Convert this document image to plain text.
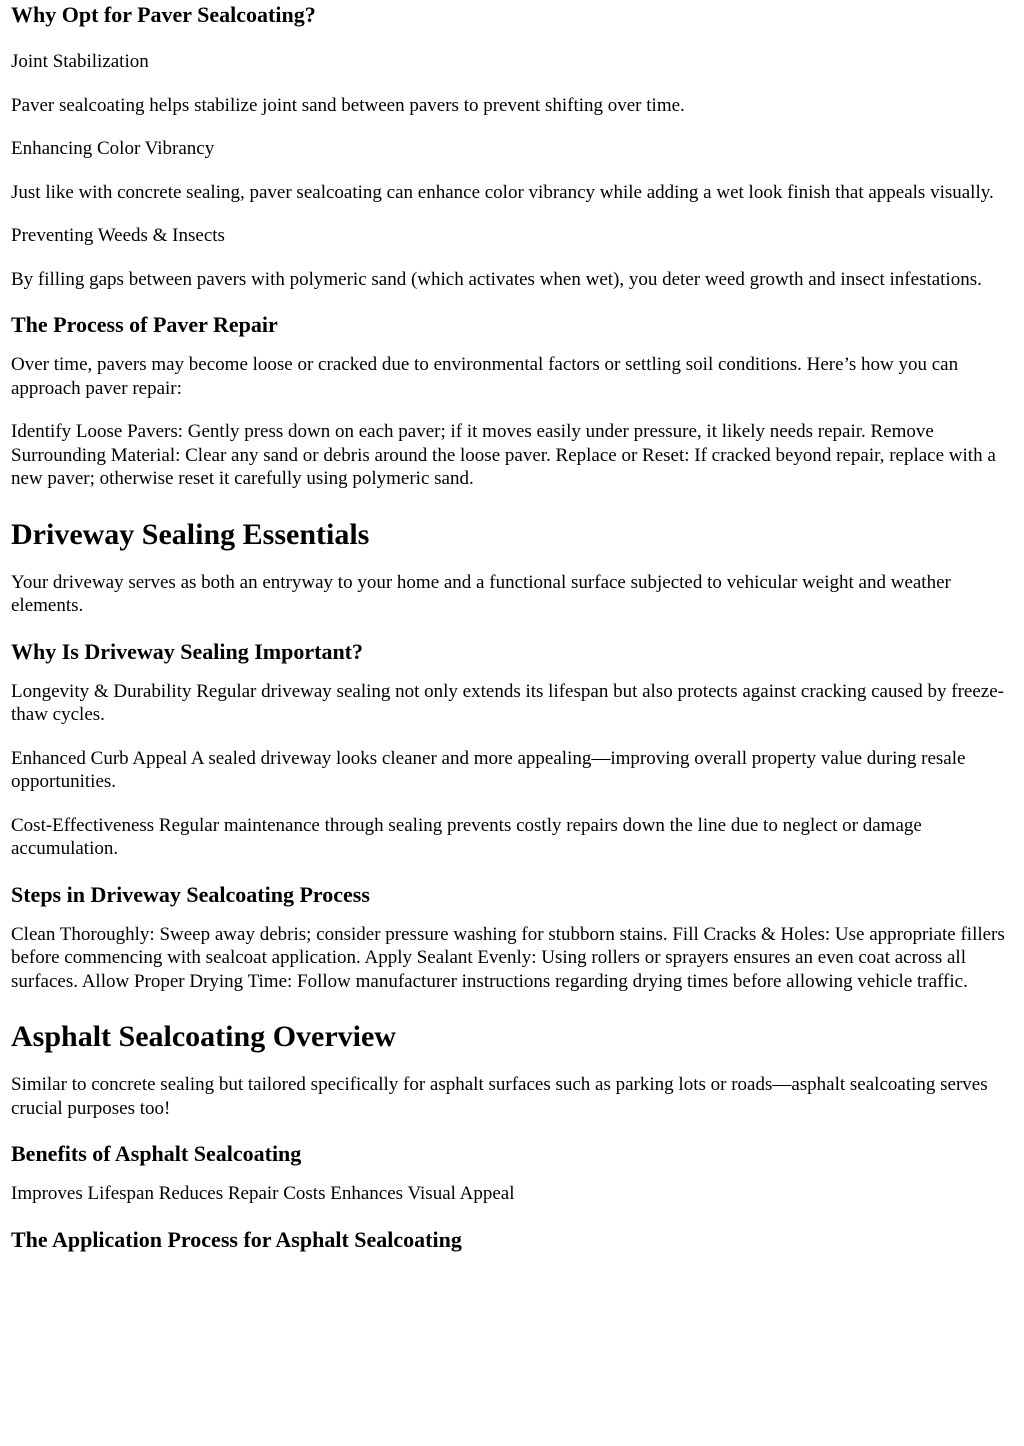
Why Opt for Paver Sealcoating?

Joint Stabilization

Paver sealcoating helps stabilize joint sand between pavers to prevent shifting over time.

Enhancing Color Vibrancy

Just like with concrete sealing, paver sealcoating can enhance color vibrancy while adding a wet look finish that appeals visually.

Preventing Weeds & Insects

By filling gaps between pavers with polymeric sand (which activates when wet), you deter weed growth and insect infestations.

The Process of Paver Repair

Over time, pavers may become loose or cracked due to environmental factors or settling soil conditions. Here’s how you can approach paver repair:

Identify Loose Pavers: Gently press down on each paver; if it moves easily under pressure, it likely needs repair. Remove Surrounding Material: Clear any sand or debris around the loose paver. Replace or Reset: If cracked beyond repair, replace with a new paver; otherwise reset it carefully using polymeric sand.

Driveway Sealing Essentials

Your driveway serves as both an entryway to your home and a functional surface subjected to vehicular weight and weather elements.

Why Is Driveway Sealing Important?

Longevity & Durability Regular driveway sealing not only extends its lifespan but also protects against cracking caused by freeze-thaw cycles.

Enhanced Curb Appeal A sealed driveway looks cleaner and more appealing—improving overall property value during resale opportunities.

Cost-Effectiveness Regular maintenance through sealing prevents costly repairs down the line due to neglect or damage accumulation.

Steps in Driveway Sealcoating Process

Clean Thoroughly: Sweep away debris; consider pressure washing for stubborn stains. Fill Cracks & Holes: Use appropriate fillers before commencing with sealcoat application. Apply Sealant Evenly: Using rollers or sprayers ensures an even coat across all surfaces. Allow Proper Drying Time: Follow manufacturer instructions regarding drying times before allowing vehicle traffic.

Asphalt Sealcoating Overview

Similar to concrete sealing but tailored specifically for asphalt surfaces such as parking lots or roads—asphalt sealcoating serves crucial purposes too!

Benefits of Asphalt Sealcoating

Improves Lifespan Reduces Repair Costs Enhances Visual Appeal

The Application Process for Asphalt Sealcoating
